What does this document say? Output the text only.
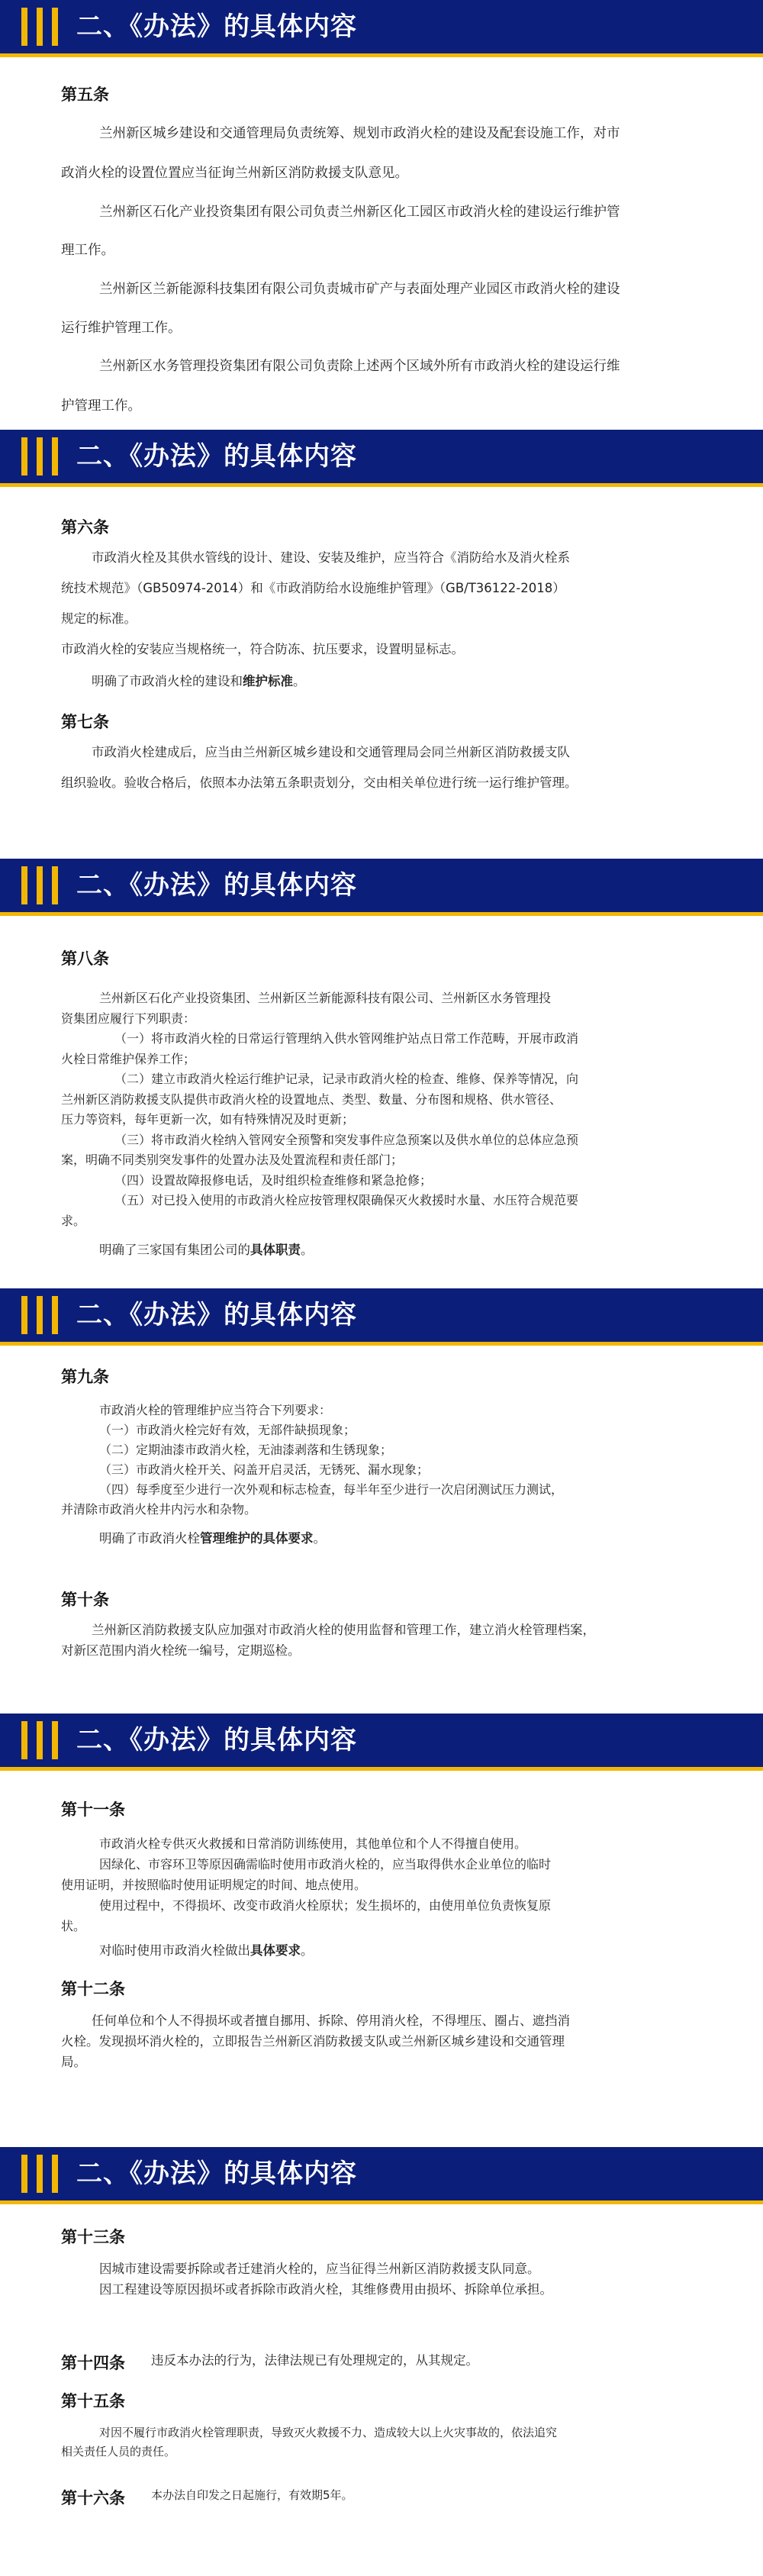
二、《办法》的具体内容
第五条
兰州新区城乡建设和交通管理局负责统筹、规划市政消火栓的建设及配套设施工作，对市
政消火栓的设置位置应当征询兰州新区消防救援支队意见。
兰州新区石化产业投资集团有限公司负责兰州新区化工园区市政消火栓的建设运行维护管
理工作。
兰州新区兰新能源科技集团有限公司负责城市矿产与表面处理产业园区市政消火栓的建设
运行维护管理工作。
兰州新区水务管理投资集团有限公司负责除上述两个区域外所有市政消火栓的建设运行维
护管理工作。
二、《办法》的具体内容
第六条
市政消火栓及其供水管线的设计、建设、安装及维护，应当符合《消防给水及消火栓系
统技术规范》（GB50974-2014）和《市政消防给水设施维护管理》（GB/T36122-2018）
规定的标准。
市政消火栓的安装应当规格统一，符合防冻、抗压要求，设置明显标志。
明确了市政消火栓的建设和维护标准。
第七条
市政消火栓建成后，应当由兰州新区城乡建设和交通管理局会同兰州新区消防救援支队
组织验收。验收合格后，依照本办法第五条职责划分，交由相关单位进行统一运行维护管理。
二、《办法》的具体内容
第八条
兰州新区石化产业投资集团、兰州新区兰新能源科技有限公司、兰州新区水务管理投
资集团应履行下列职责：
（一）将市政消火栓的日常运行管理纳入供水管网维护站点日常工作范畴，开展市政消
火栓日常维护保养工作；
（二）建立市政消火栓运行维护记录，记录市政消火栓的检查、维修、保养等情况，向
兰州新区消防救援支队提供市政消火栓的设置地点、类型、数量、分布图和规格、供水管径、
压力等资料，每年更新一次，如有特殊情况及时更新；
（三）将市政消火栓纳入管网安全预警和突发事件应急预案以及供水单位的总体应急预
案，明确不同类别突发事件的处置办法及处置流程和责任部门；
（四）设置故障报修电话，及时组织检查维修和紧急抢修；
（五）对已投入使用的市政消火栓应按管理权限确保灭火救援时水量、水压符合规范要
求。
明确了三家国有集团公司的具体职责。
二、《办法》的具体内容
第九条
市政消火栓的管理维护应当符合下列要求：
（一）市政消火栓完好有效，无部件缺损现象；
（二）定期油漆市政消火栓，无油漆剥落和生锈现象；
（三）市政消火栓开关、闷盖开启灵活，无锈死、漏水现象；
（四）每季度至少进行一次外观和标志检查，每半年至少进行一次启闭测试压力测试，
并清除市政消火栓井内污水和杂物。
明确了市政消火栓管理维护的具体要求。
第十条
兰州新区消防救援支队应加强对市政消火栓的使用监督和管理工作，建立消火栓管理档案，
对新区范围内消火栓统一编号，定期巡检。
二、《办法》的具体内容
第十一条
市政消火栓专供灭火救援和日常消防训练使用，其他单位和个人不得擅自使用。
因绿化、市容环卫等原因确需临时使用市政消火栓的，应当取得供水企业单位的临时
使用证明，并按照临时使用证明规定的时间、地点使用。
使用过程中，不得损坏、改变市政消火栓原状；发生损坏的，由使用单位负责恢复原
状。
对临时使用市政消火栓做出具体要求。
第十二条
任何单位和个人不得损坏或者擅自挪用、拆除、停用消火栓，不得埋压、圈占、遮挡消
火栓。发现损坏消火栓的，立即报告兰州新区消防救援支队或兰州新区城乡建设和交通管理
局。
二、《办法》的具体内容
第十三条
因城市建设需要拆除或者迁建消火栓的，应当征得兰州新区消防救援支队同意。
因工程建设等原因损坏或者拆除市政消火栓，其维修费用由损坏、拆除单位承担。
第十四条 违反本办法的行为，法律法规已有处理规定的，从其规定。
第十五条
对因不履行市政消火栓管理职责，导致灭火救援不力、造成较大以上火灾事故的，依法追究
相关责任人员的责任。
第十六条 本办法自印发之日起施行，有效期5年。
